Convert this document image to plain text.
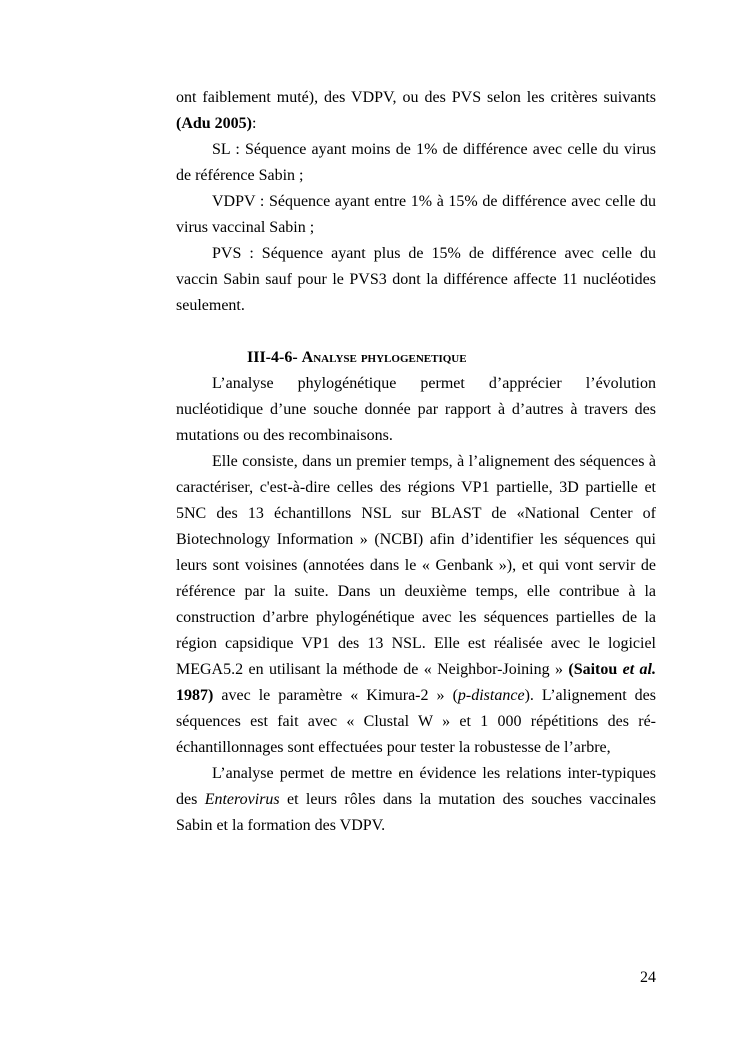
ont faiblement muté), des VDPV, ou des PVS selon les critères suivants (Adu 2005):

SL : Séquence ayant moins de 1% de différence avec celle du virus de référence Sabin ;

VDPV : Séquence ayant entre 1% à 15% de différence avec celle du virus vaccinal Sabin ;

PVS : Séquence ayant plus de 15% de différence avec celle du vaccin Sabin sauf pour le PVS3 dont la différence affecte 11 nucléotides seulement.

III-4-6- Analyse phylogenetique

L’analyse phylogénétique permet d’apprécier l’évolution nucléotidique d’une souche donnée par rapport à d’autres à travers des mutations ou des recombinaisons.

Elle consiste, dans un premier temps, à l’alignement des séquences à caractériser, c'est-à-dire celles des régions VP1 partielle, 3D partielle et 5NC des 13 échantillons NSL sur BLAST de «National Center of Biotechnology Information » (NCBI) afin d’identifier les séquences qui leurs sont voisines (annotées dans le « Genbank »), et qui vont servir de référence par la suite. Dans un deuxième temps, elle contribue à la construction d’arbre phylogénétique avec les séquences partielles de la région capsidique VP1 des 13 NSL. Elle est réalisée avec le logiciel MEGA5.2 en utilisant la méthode de « Neighbor-Joining » (Saitou et al. 1987) avec le paramètre « Kimura-2 » (p-distance). L’alignement des séquences est fait avec « Clustal W » et 1 000 répétitions des ré-échantillonnages sont effectuées pour tester la robustesse de l’arbre,

L’analyse permet de mettre en évidence les relations inter-typiques des Enterovirus et leurs rôles dans la mutation des souches vaccinales Sabin et la formation des VDPV.

24
